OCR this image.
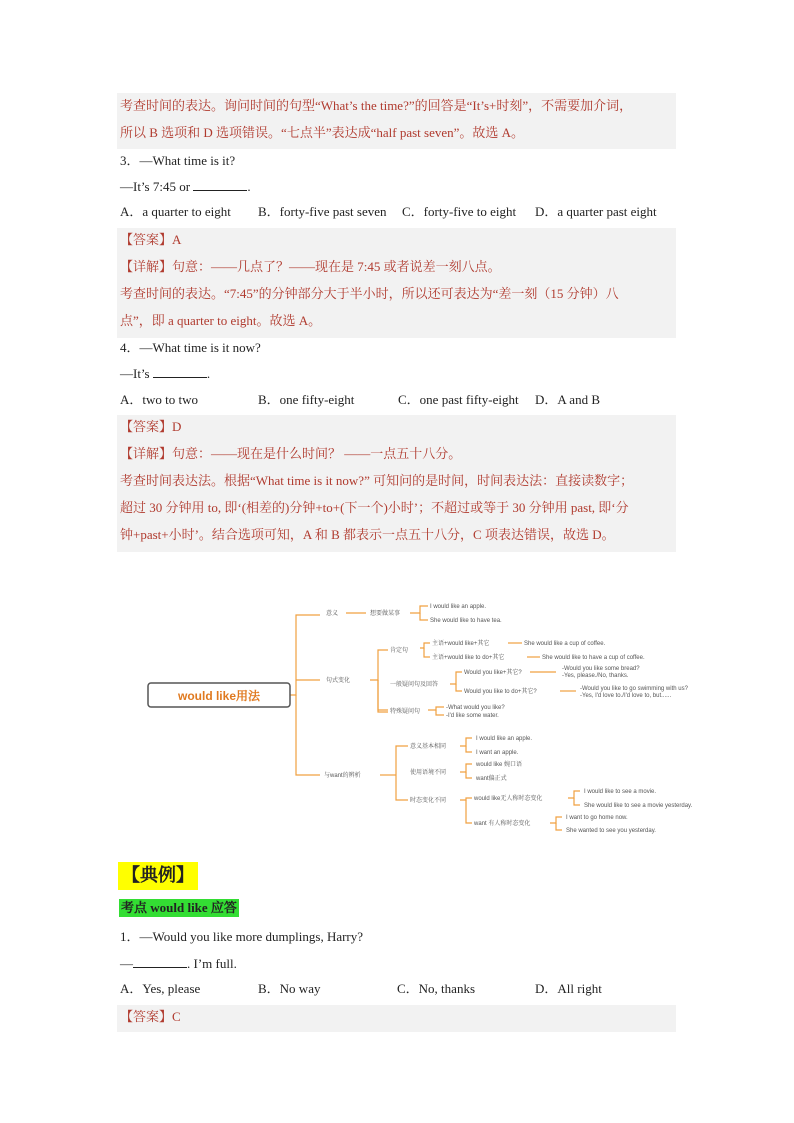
考查时间的表达。询问时间的句型“What’s the time?”的回答是“It’s+时刻”，不需要加介词，
所以 B 选项和 D 选项错误。“七点半”表达成“half past seven”。故选 A。
3．—What time is it?
—It’s 7:45 or	.
A．a quarter to eight B．forty-five past seven C．forty-five to eight D．a quarter past eight
【答案】A
【详解】句意：——几点了？——现在是 7:45 或者说差一刻八点。
考查时间的表达。“7:45”的分钟部分大于半小时，所以还可表达为“差一刻（15 分钟）八
点”，即 a quarter to eight。故选 A。
4．—What time is it now?
—It’s	.
A．two to two	B．one fifty-eight	C．one past fifty-eight D．A and B
【答案】D
【详解】句意：——现在是什么时间？ ——一点五十八分。
考查时间表达法。根据“What time is it now?” 可知问的是时间，时间表达法：直接读数字；
超过 30 分钟用 to, 即‘(相差的)分钟+to+(下一个)小时’；不超过或等于 30 分钟用 past, 即‘分
钟+past+小时’。结合选项可知，A 和 B 都表示一点五十八分，C 项表达错误，故选 D。
would like用法
意义	想要做某事
I would like an apple.
She would like to have tea.
句式变化
肯定句
主语+would like+其它	She would like a cup of coffee.
主语+would like to do+其它	She would like to have a cup of coffee.
一般疑问句及回答
Would you like+其它?
-Would you like some bread?
-Yes, please./No, thanks.
Would you like to do+其它?	-Would you like to go swimming with us?
-Yes, I'd love to./I'd love to, but......
特殊疑问句
-What would you like?
-I'd like some water.
与want的辨析
意义基本相同
I would like an apple.
I want an apple.
使用语境不同
would like 婉口语
want偏正式
时态变化不同	would like无人称时态变化
I would like to see a movie.
She would like to see a movie yesterday.
want 有人称时态变化
I want to go home now.
She wanted to see you yesterday.
【典例】
考点 would like 应答
1．—Would you like more dumplings, Harry?
—	. I’m full.
A．Yes, please	B．No way	C．No, thanks	D．All right
【答案】C
